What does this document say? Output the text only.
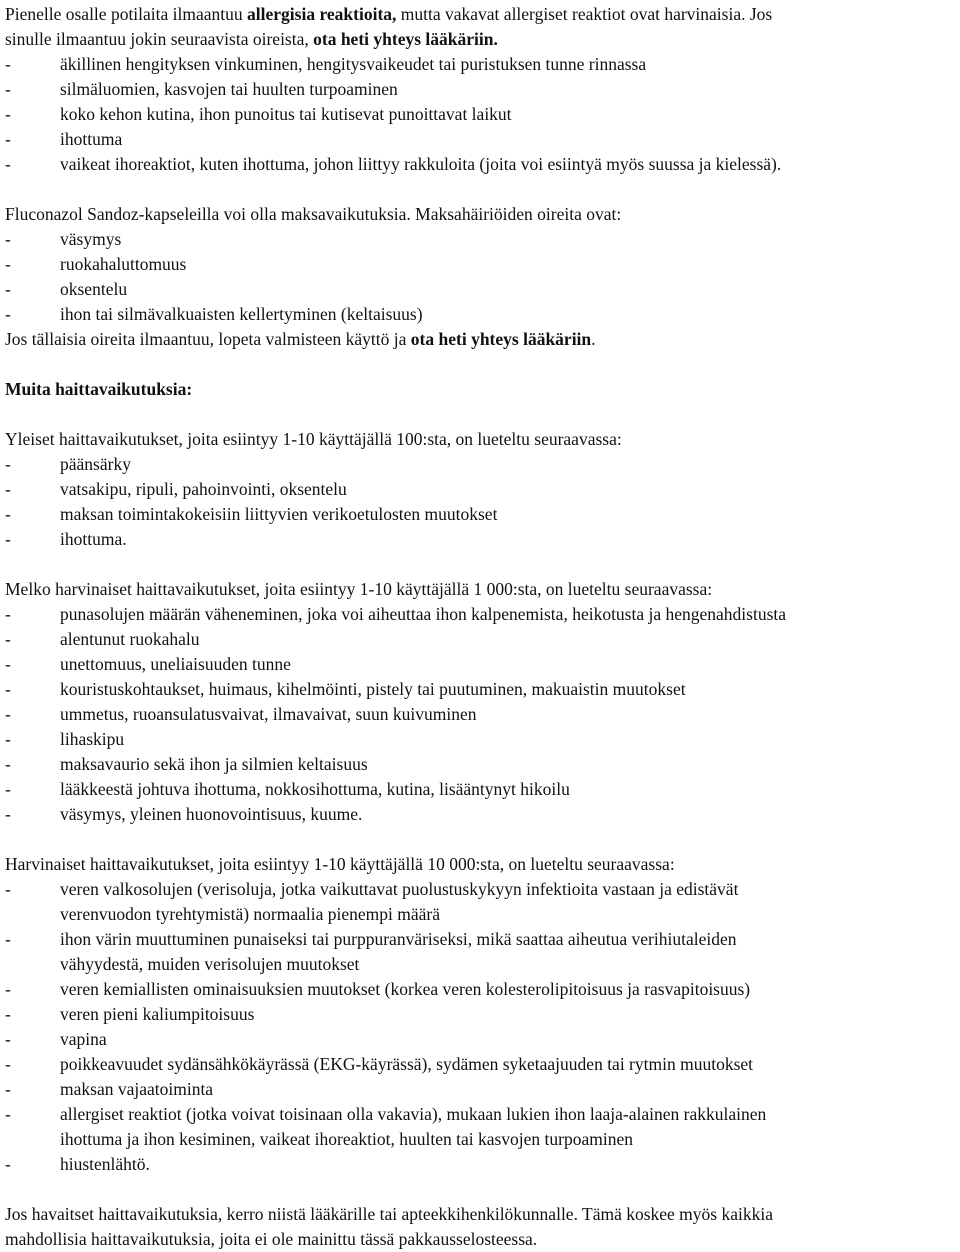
Pienelle osalle potilaita ilmaantuu allergisia reaktioita, mutta vakavat allergiset reaktiot ovat harvinaisia. Jos
sinulle ilmaantuu jokin seuraavista oireista, ota heti yhteys lääkäriin.
-	äkillinen hengityksen vinkuminen, hengitysvaikeudet tai puristuksen tunne rinnassa
-	silmäluomien, kasvojen tai huulten turpoaminen
-	koko kehon kutina, ihon punoitus tai kutisevat punoittavat laikut
-	ihottuma
-	vaikeat ihoreaktiot, kuten ihottuma, johon liittyy rakkuloita (joita voi esiintyä myös suussa ja kielessä).
Fluconazol Sandoz-kapseleilla voi olla maksavaikutuksia. Maksahäiriöiden oireita ovat:
-	väsymys
-	ruokahaluttomuus
-	oksentelu
-	ihon tai silmävalkuaisten kellertyminen (keltaisuus)
Jos tällaisia oireita ilmaantuu, lopeta valmisteen käyttö ja ota heti yhteys lääkäriin.
Muita haittavaikutuksia:
Yleiset haittavaikutukset, joita esiintyy 1-10 käyttäjällä 100:sta, on lueteltu seuraavassa:
-	päänsärky
-	vatsakipu, ripuli, pahoinvointi, oksentelu
-	maksan toimintakokeisiin liittyvien verikoetulosten muutokset
-	ihottuma.
Melko harvinaiset haittavaikutukset, joita esiintyy 1-10 käyttäjällä 1 000:sta, on lueteltu seuraavassa:
-	punasolujen määrän väheneminen, joka voi aiheuttaa ihon kalpenemista, heikotusta ja hengenahdistusta
-	alentunut ruokahalu
-	unettomuus, uneliaisuuden tunne
-	kouristuskohtaukset, huimaus, kihelmöinti, pistely tai puutuminen, makuaistin muutokset
-	ummetus, ruoansulatusvaivat, ilmavaivat, suun kuivuminen
-	lihaskipu
-	maksavaurio sekä ihon ja silmien keltaisuus
-	lääkkeestä johtuva ihottuma, nokkosihottuma, kutina, lisääntynyt hikoilu
-	väsymys, yleinen huonovointisuus, kuume.
Harvinaiset haittavaikutukset, joita esiintyy 1-10 käyttäjällä 10 000:sta, on lueteltu seuraavassa:
-	veren valkosolujen (verisoluja, jotka vaikuttavat puolustuskykyyn infektioita vastaan ja edistävät
verenvuodon tyrehtymistä) normaalia pienempi määrä
-	ihon värin muuttuminen punaiseksi tai purppuranväriseksi, mikä saattaa aiheutua verihiutaleiden
vähyydestä, muiden verisolujen muutokset
-	veren kemiallisten ominaisuuksien muutokset (korkea veren kolesterolipitoisuus ja rasvapitoisuus)
-	veren pieni kaliumpitoisuus
-	vapina
-	poikkeavuudet sydänsähkökäyrässä (EKG-käyrässä), sydämen syketaajuuden tai rytmin muutokset
-	maksan vajaatoiminta
-	allergiset reaktiot (jotka voivat toisinaan olla vakavia), mukaan lukien ihon laaja-alainen rakkulainen
ihottuma ja ihon kesiminen, vaikeat ihoreaktiot, huulten tai kasvojen turpoaminen
-	hiustenlähtö.
Jos havaitset haittavaikutuksia, kerro niistä lääkärille tai apteekkihenkilökunnalle. Tämä koskee myös kaikkia
mahdollisia haittavaikutuksia, joita ei ole mainittu tässä pakkausselosteessa.
